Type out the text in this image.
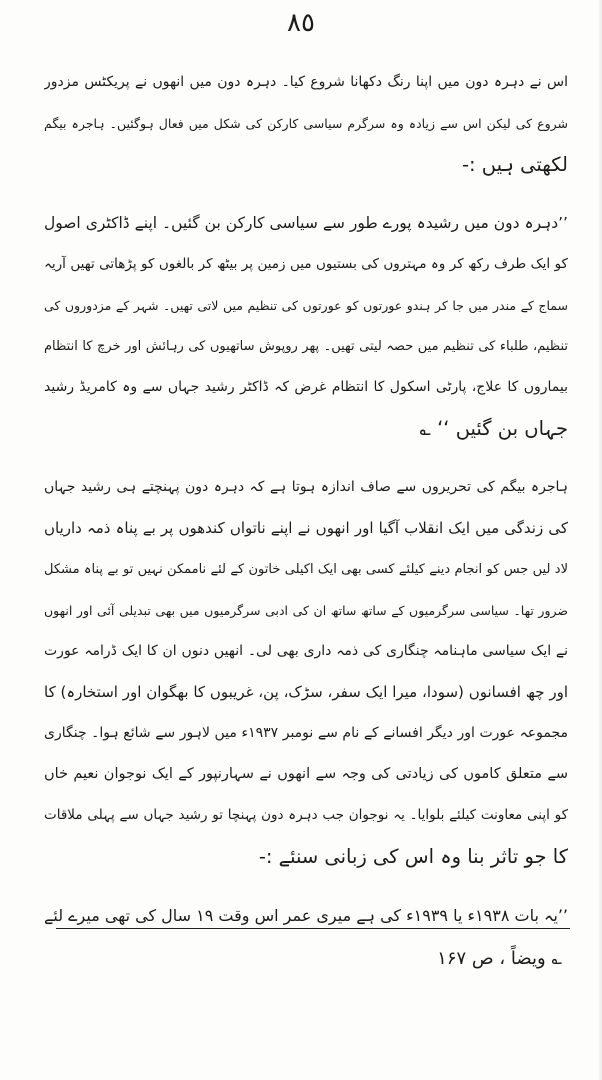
٨٥
اس نے دہرہ دون میں اپنا رنگ دکھانا شروع کیا۔ دہرہ دون میں انھوں نے پریکٹس مزدور
شروع کی لیکن اس سے زیادہ وہ سرگرم سیاسی کارکن کی شکل میں فعال ہوگئیں۔ ہاجرہ بیگم
لکھتی ہیں :-
’’دہرہ دون میں رشیدہ پورے طور سے سیاسی کارکن بن گئیں۔ اپنے ڈاکٹری اصول
کو ایک طرف رکھ کر وہ مہتروں کی بستیوں میں زمین پر بیٹھ کر بالغوں کو پڑھاتی تھیں آریہ
سماج کے مندر میں جا کر ہندو عورتوں کو عورتوں کی تنظیم میں لاتی تھیں۔ شہر کے مزدوروں کی
تنظیم، طلباء کی تنظیم میں حصہ لیتی تھیں۔ پھر روپوش ساتھیوں کی رہائش اور خرچ کا انتظام
بیماروں کا علاج، پارٹی اسکول کا انتظام غرض کہ ڈاکٹر رشید جہاں سے وہ کامریڈ رشید
جہاں بن گئیں ‘‘ ؎
ہاجرہ بیگم کی تحریروں سے صاف اندازہ ہوتا ہے کہ دہرہ دون پہنچتے ہی رشید جہاں
کی زندگی میں ایک انقلاب آگیا اور انھوں نے اپنے ناتواں کندھوں پر بے پناہ ذمہ داریاں
لاد لیں جس کو انجام دینے کیلئے کسی بھی ایک اکیلی خاتون کے لئے ناممکن نہیں تو بے پناہ مشکل
ضرور تھا۔ سیاسی سرگرمیوں کے ساتھ ساتھ ان کی ادبی سرگرمیوں میں بھی تبدیلی آئی اور انھوں
نے ایک سیاسی ماہنامہ چنگاری کی ذمہ داری بھی لی۔ انھیں دنوں ان کا ایک ڈرامہ عورت
اور چھ افسانوں (سودا، میرا ایک سفر، سڑک، پن، غریبوں کا بھگوان اور استخارہ) کا
مجموعہ عورت اور دیگر افسانے کے نام سے نومبر ۱۹۳۷ء میں لاہور سے شائع ہوا۔ چنگاری
سے متعلق کاموں کی زیادتی کی وجہ سے انھوں نے سہارنپور کے ایک نوجوان نعیم خاں
کو اپنی معاونت کیلئے بلوایا۔ یہ نوجوان جب دہرہ دون پہنچا تو رشید جہاں سے پہلی ملاقات
کا جو تاثر بنا وہ اس کی زبانی سنئے :-
’’یہ بات ۱۹۳۸ء یا ۱۹۳۹ء کی ہے میری عمر اس وقت ۱۹ سال کی تھی میرے لئے
؎ ویضاً ، ص ۱۶۷
